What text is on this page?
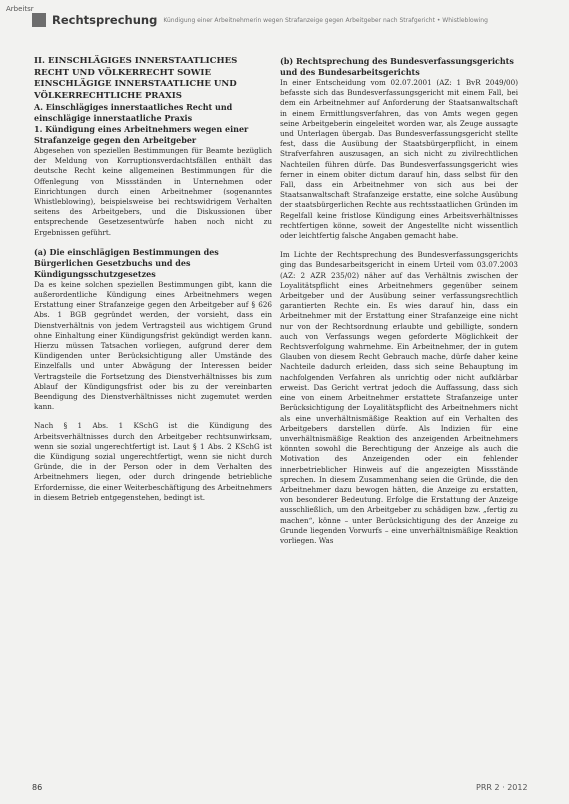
Arbeitsr
Rechtsprechung Kündigung einer Arbeitnehmerin wegen Strafanzeige gegen Arbeitgeber nach Strafgericht • Whistleblowing

II. EINSCHLÄGIGES INNERSTAATLICHES RECHT UND VÖLKERRECHT SOWIE EINSCHLÄGIGE INNERSTAATLICHE UND VÖLKERRECHTLICHE PRAXIS

A. Einschlägiges innerstaatliches Recht und einschlägige innerstaatliche Praxis

1. Kündigung eines Arbeitnehmers wegen einer Strafanzeige gegen den Arbeitgeber

Abgesehen von speziellen Bestimmungen für Beamte bezüglich der Meldung von Korruptionsverdachtsfällen enthält das deutsche Recht keine allgemeinen Bestimmungen für die Offenlegung von Missständen in Unternehmen oder Einrichtungen durch einen Arbeitnehmer (sogenanntes Whistleblowing), beispielsweise bei rechtswidrigem Verhalten seitens des Arbeitgebers, und die Diskussionen über entsprechende Gesetzesentwürfe haben noch nicht zu Ergebnissen geführt.

(a) Die einschlägigen Bestimmungen des Bürgerlichen Gesetzbuchs und des Kündigungsschutzgesetzes

Da es keine solchen speziellen Bestimmungen gibt, kann die außerordentliche Kündigung eines Arbeitnehmers wegen Erstattung einer Strafanzeige gegen den Arbeitgeber auf § 626 Abs. 1 BGB gegründet werden, der vorsieht, dass ein Dienstverhältnis von jedem Vertragsteil aus wichtigem Grund ohne Einhaltung einer Kündigungsfrist gekündigt werden kann. Hierzu müssen Tatsachen vorliegen, aufgrund derer dem Kündigenden unter Berücksichtigung aller Umstände des Einzelfalls und unter Abwägung der Interessen beider Vertragsteile die Fortsetzung des Dienstverhältnisses bis zum Ablauf der Kündigungsfrist oder bis zu der vereinbarten Beendigung des Dienstverhältnisses nicht zugemutet werden kann.

Nach § 1 Abs. 1 KSchG ist die Kündigung des Arbeitsverhältnisses durch den Arbeitgeber rechtsunwirksam, wenn sie sozial ungerechtfertigt ist. Laut § 1 Abs. 2 KSchG ist die Kündigung sozial ungerechtfertigt, wenn sie nicht durch Gründe, die in der Person oder in dem Verhalten des Arbeitnehmers liegen, oder durch dringende betriebliche Erfordernisse, die einer Weiterbeschäftigung des Arbeitnehmers in diesem Betrieb entgegenstehen, bedingt ist.

(b) Rechtsprechung des Bundesverfassungsgerichts und des Bundesarbeitsgerichts

In einer Entscheidung vom 02.07.2001 (AZ: 1 BvR 2049/00) befasste sich das Bundesverfassungsgericht mit einem Fall, bei dem ein Arbeitnehmer auf Anforderung der Staatsanwaltschaft in einem Ermittlungsverfahren, das von Amts wegen gegen seine Arbeitgeberin eingeleitet worden war, als Zeuge aussagte und Unterlagen übergab. Das Bundesverfassungsgericht stellte fest, dass die Ausübung der Staatsbürgerpflicht, in einem Strafverfahren auszusagen, an sich nicht zu zivilrechtlichen Nachteilen führen dürfe. Das Bundesverfassungsgericht wies ferner in einem obiter dictum darauf hin, dass selbst für den Fall, dass ein Arbeitnehmer von sich aus bei der Staatsanwaltschaft Strafanzeige erstatte, eine solche Ausübung der staatsbürgerlichen Rechte aus rechtsstaatlichen Gründen im Regelfall keine fristlose Kündigung eines Arbeitsverhältnisses rechtfertigen könne, soweit der Angestellte nicht wissentlich oder leichtfertig falsche Angaben gemacht habe.

Im Lichte der Rechtsprechung des Bundesverfassungsgerichts ging das Bundesarbeitsgericht in einem Urteil vom 03.07.2003 (AZ: 2 AZR 235/02) näher auf das Verhältnis zwischen der Loyalitätspflicht eines Arbeitnehmers gegenüber seinem Arbeitgeber und der Ausübung seiner verfassungsrechtlich garantierten Rechte ein. Es wies darauf hin, dass ein Arbeitnehmer mit der Erstattung einer Strafanzeige eine nicht nur von der Rechtsordnung erlaubte und gebilligte, sondern auch von Verfassungs wegen geforderte Möglichkeit der Rechtsverfolgung wahrnehme. Ein Arbeitnehmer, der in gutem Glauben von diesem Recht Gebrauch mache, dürfe daher keine Nachteile dadurch erleiden, dass sich seine Behauptung im nachfolgenden Verfahren als unrichtig oder nicht aufklärbar erweist. Das Gericht vertrat jedoch die Auffassung, dass sich eine von einem Arbeitnehmer erstattete Strafanzeige unter Berücksichtigung der Loyalitätspflicht des Arbeitnehmers nicht als eine unverhältnismäßige Reaktion auf ein Verhalten des Arbeitgebers darstellen dürfe. Als Indizien für eine unverhältnismäßige Reaktion des anzeigenden Arbeitnehmers könnten sowohl die Berechtigung der Anzeige als auch die Motivation des Anzeigenden oder ein fehlender innerbetrieblicher Hinweis auf die angezeigten Missstände sprechen. In diesem Zusammenhang seien die Gründe, die den Arbeitnehmer dazu bewogen hätten, die Anzeige zu erstatten, von besonderer Bedeutung. Erfolge die Erstattung der Anzeige ausschließlich, um den Arbeitgeber zu schädigen bzw. „fertig zu machen“, könne – unter Berücksichtigung des der Anzeige zu Grunde liegenden Vorwurfs – eine unverhältnismäßige Reaktion vorliegen. Was

86	PRR 2 · 2012
